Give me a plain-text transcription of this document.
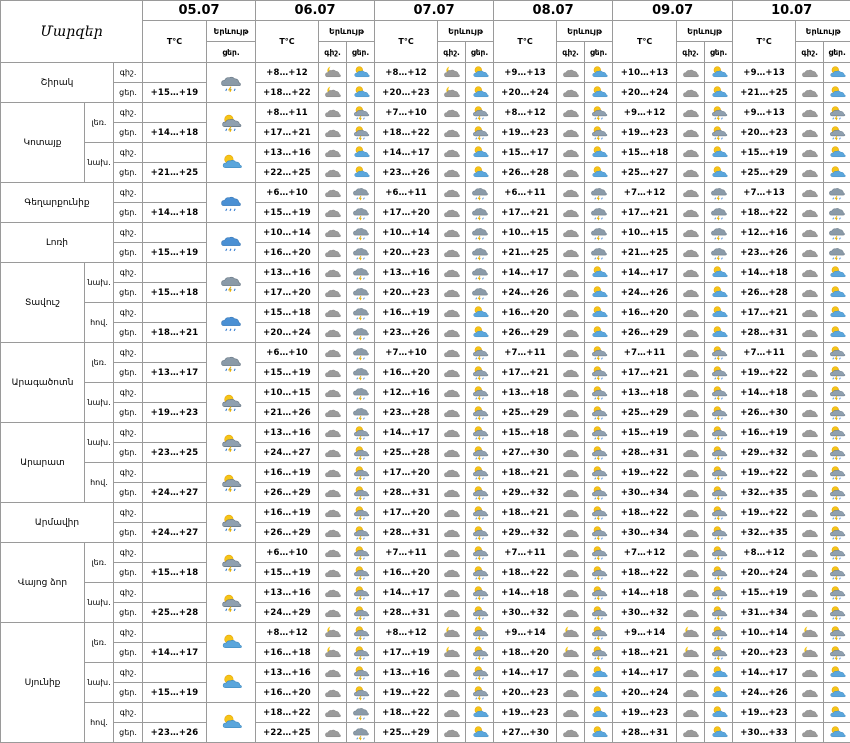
Մարզեր			05.07		06.07			07.07			08.07			09.07			10.07		
			T°C	Երևույթ	T°C	Երևույթ		T°C	Երևույթ		T°C	Երևույթ		T°C	Երևույթ		T°C	Երևույթ	
				ցեր.		գիշ.	ցեր.		գիշ.	ցեր.		գիշ.	ցեր.		գիշ.	ցեր.		գիշ.	ցեր.
Շիրակ		գիշ.			+8…+12			+8…+12			+9…+13			+10…+13			+9…+13		
		ցեր.	+15…+19		+18…+22			+20…+23			+20…+24			+20…+24			+21…+25		
Կոտայք	լեռ.	գիշ.			+8…+11			+7…+10			+8…+12			+9…+12			+9…+13		
		ցեր.	+14…+18		+17…+21			+18…+22			+19…+23			+19…+23			+20…+23		
	նախ.	գիշ.			+13…+16			+14…+17			+15…+17			+15…+18			+15…+19		
		ցեր.	+21…+25		+22…+25			+23…+26			+26…+28			+25…+27			+25…+29		
Գեղարքունիք		գիշ.			+6…+10			+6…+11			+6…+11			+7…+12			+7…+13		
		ցեր.	+14…+18		+15…+19			+17…+20			+17…+21			+17…+21			+18…+22		
Լոռի		գիշ.			+10…+14			+10…+14			+10…+15			+10…+15			+12…+16		
		ցեր.	+15…+19		+16…+20			+20…+23			+21…+25			+21…+25			+23…+26		
Տավուշ	նախ.	գիշ.			+13…+16			+13…+16			+14…+17			+14…+17			+14…+18		
		ցեր.	+15…+18		+17…+20			+20…+23			+24…+26			+24…+26			+26…+28		
	հով.	գիշ.			+15…+18			+16…+19			+16…+20			+16…+20			+17…+21		
		ցեր.	+18…+21		+20…+24			+23…+26			+26…+29			+26…+29			+28…+31		
Արագածոտն	լեռ.	գիշ.			+6…+10			+7…+10			+7…+11			+7…+11			+7…+11		
		ցեր.	+13…+17		+15…+19			+16…+20			+17…+21			+17…+21			+19…+22		
	նախ.	գիշ.			+10…+15			+12…+16			+13…+18			+13…+18			+14…+18		
		ցեր.	+19…+23		+21…+26			+23…+28			+25…+29			+25…+29			+26…+30		
Արարատ	նախ.	գիշ.			+13…+16			+14…+17			+15…+18			+15…+19			+16…+19		
		ցեր.	+23…+25		+24…+27			+25…+28			+27…+30			+28…+31			+29…+32		
	հով.	գիշ.			+16…+19			+17…+20			+18…+21			+19…+22			+19…+22		
		ցեր.	+24…+27		+26…+29			+28…+31			+29…+32			+30…+34			+32…+35		
Արմավիր		գիշ.			+16…+19			+17…+20			+18…+21			+18…+22			+19…+22		
		ցեր.	+24…+27		+26…+29			+28…+31			+29…+32			+30…+34			+32…+35		
Վայոց ձոր	լեռ.	գիշ.			+6…+10			+7…+11			+7…+11			+7…+12			+8…+12		
		ցեր.	+15…+18		+15…+19			+16…+20			+18…+22			+18…+22			+20…+24		
	նախ.	գիշ.			+13…+16			+14…+17			+14…+18			+14…+18			+15…+19		
		ցեր.	+25…+28		+24…+29			+28…+31			+30…+32			+30…+32			+31…+34		
Սյունիք	լեռ.	գիշ.			+8…+12			+8…+12			+9…+14			+9…+14			+10…+14		
		ցեր.	+14…+17		+16…+18			+17…+19			+18…+20			+18…+21			+20…+23		
	նախ.	գիշ.			+13…+16			+13…+16			+14…+17			+14…+17			+14…+17		
		ցեր.	+15…+19		+16…+20			+19…+22			+20…+23			+20…+24			+24…+26		
	հով.	գիշ.			+18…+22			+18…+22			+19…+23			+19…+23			+19…+23		
		ցեր.	+23…+26		+22…+25			+25…+29			+27…+30			+28…+31			+30…+33		
